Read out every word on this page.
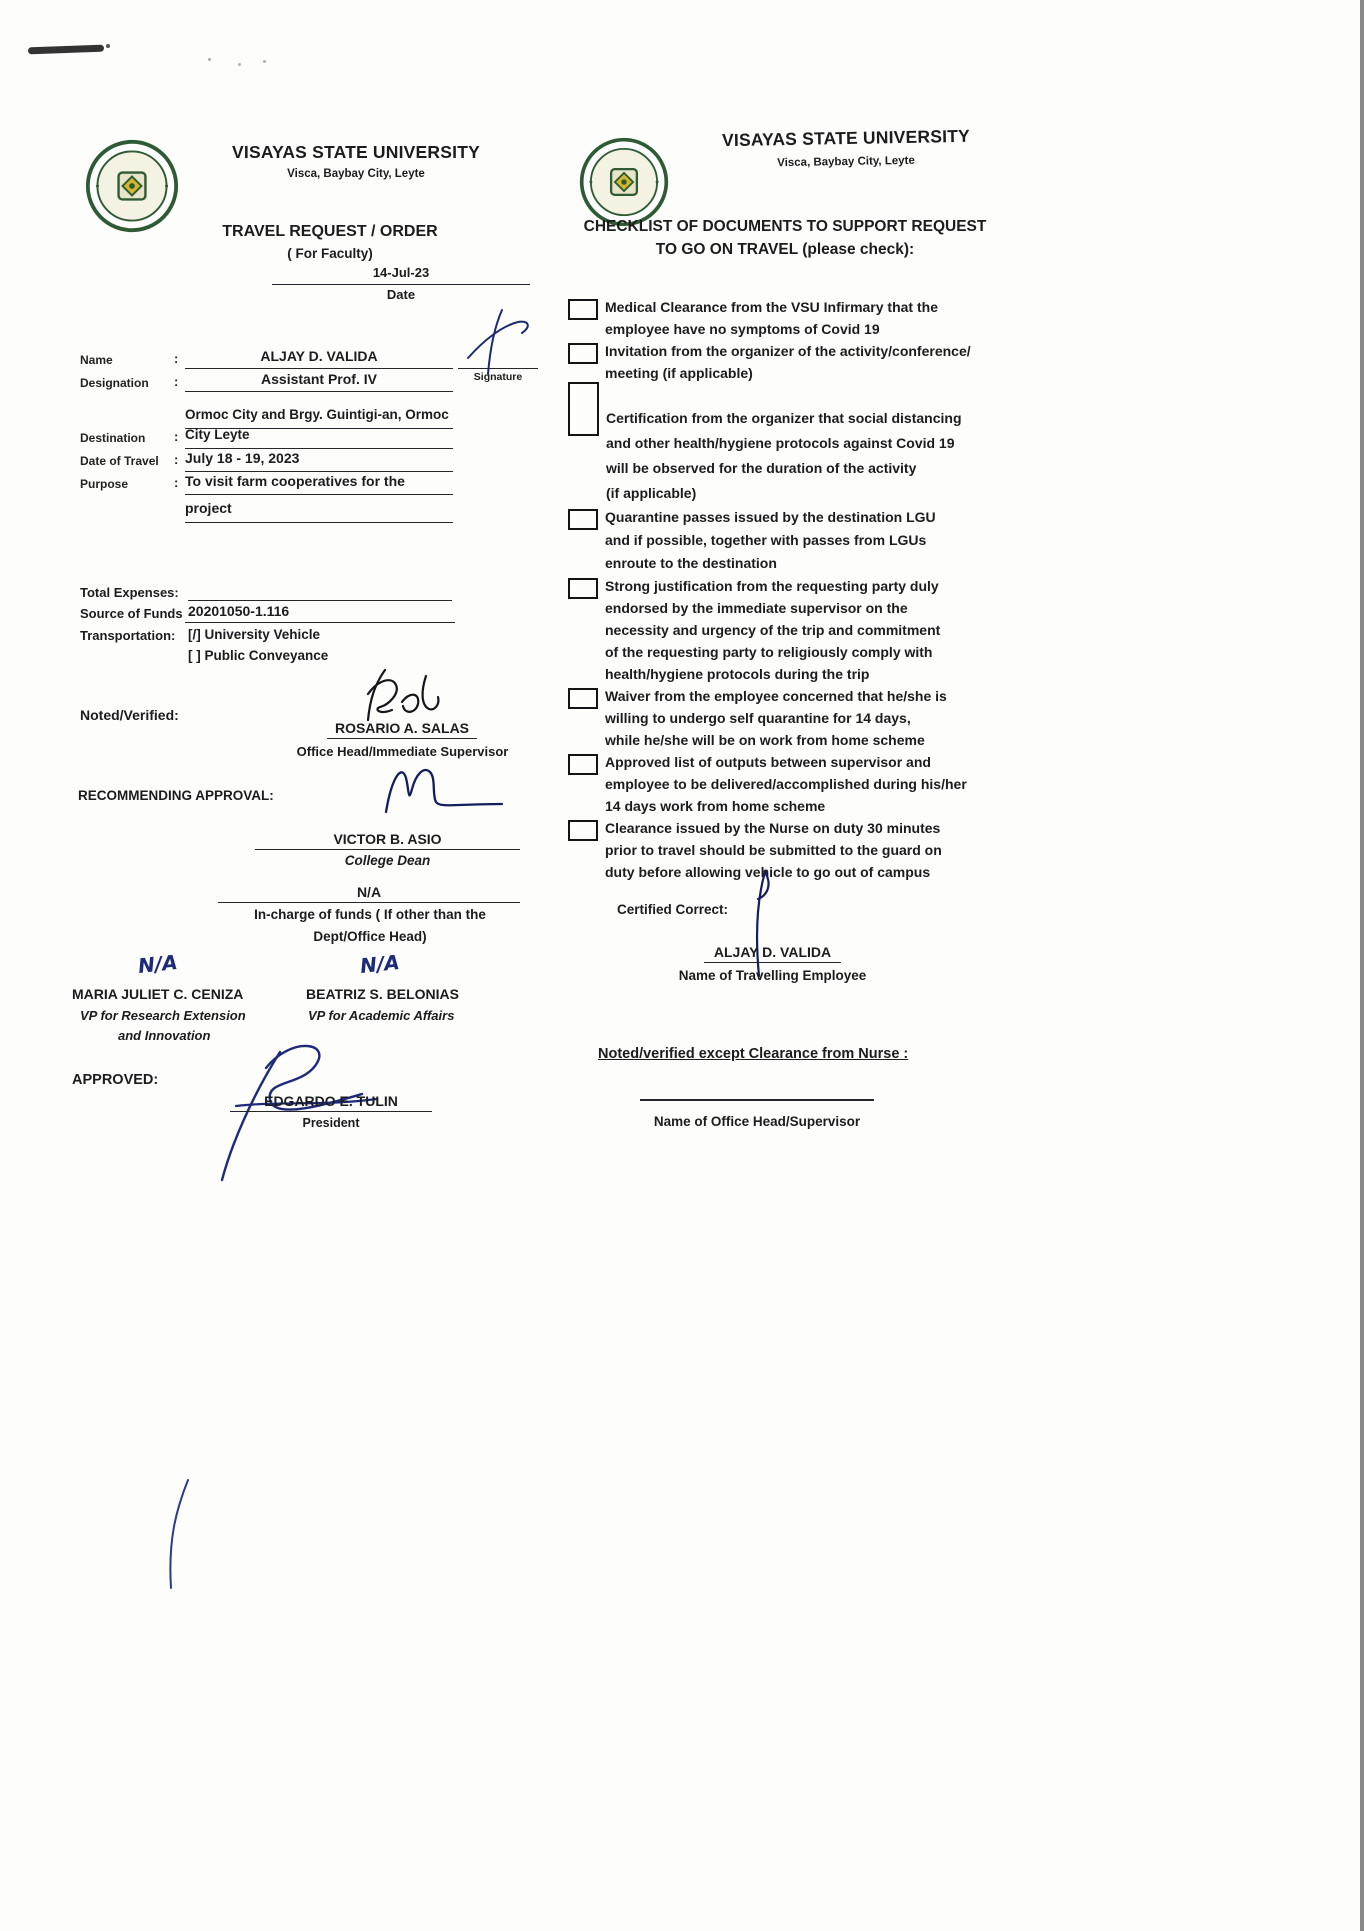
VISAYAS STATE UNIVERSITY
Visca, Baybay City, Leyte
TRAVEL REQUEST / ORDER
( For Faculty)
14-Jul-23
Date
Name	:	ALJAY D. VALIDA
Signature
Designation :	Assistant Prof. IV
Ormoc City and Brgy. Guintigi-an, Ormoc
Destination : City Leyte
Date of Travel : July 18 - 19, 2023
Purpose	: To visit farm cooperatives for the
project
Total Expenses:
Source of Funds 20201050-1.116
Transportation: [/] University Vehicle
[ ] Public Conveyance
Noted/Verified:
ROSARIO A. SALAS
Office Head/Immediate Supervisor
RECOMMENDING APPROVAL:
VICTOR B. ASIO
College Dean
N/A
In-charge of funds ( If other than the
Dept/Office Head)
N/A	N/A
MARIA JULIET C. CENIZA	BEATRIZ S. BELONIAS
VP for Research Extension	VP for Academic Affairs
and Innovation
APPROVED:
EDGARDO E. TULIN
President
VISAYAS STATE UNIVERSITY
Visca, Baybay City, Leyte
CHECKLIST OF DOCUMENTS TO SUPPORT REQUEST
TO GO ON TRAVEL (please check):
Medical Clearance from the VSU Infirmary that the
employee have no symptoms of Covid 19
Invitation from the organizer of the activity/conference/
meeting (if applicable)
Certification from the organizer that social distancing
and other health/hygiene protocols against Covid 19
will be observed for the duration of the activity
(if applicable)
Quarantine passes issued by the destination LGU
and if possible, together with passes from LGUs
enroute to the destination
Strong justification from the requesting party duly
endorsed by the immediate supervisor on the
necessity and urgency of the trip and commitment
of the requesting party to religiously comply with
health/hygiene protocols during the trip
Waiver from the employee concerned that he/she is
willing to undergo self quarantine for 14 days,
while he/she will be on work from home scheme
Approved list of outputs between supervisor and
employee to be delivered/accomplished during his/her
14 days work from home scheme
Clearance issued by the Nurse on duty 30 minutes
prior to travel should be submitted to the guard on
duty before allowing vehicle to go out of campus
Certified Correct:
ALJAY D. VALIDA
Name of Travelling Employee
Noted/verified except Clearance from Nurse :
Name of Office Head/Supervisor
